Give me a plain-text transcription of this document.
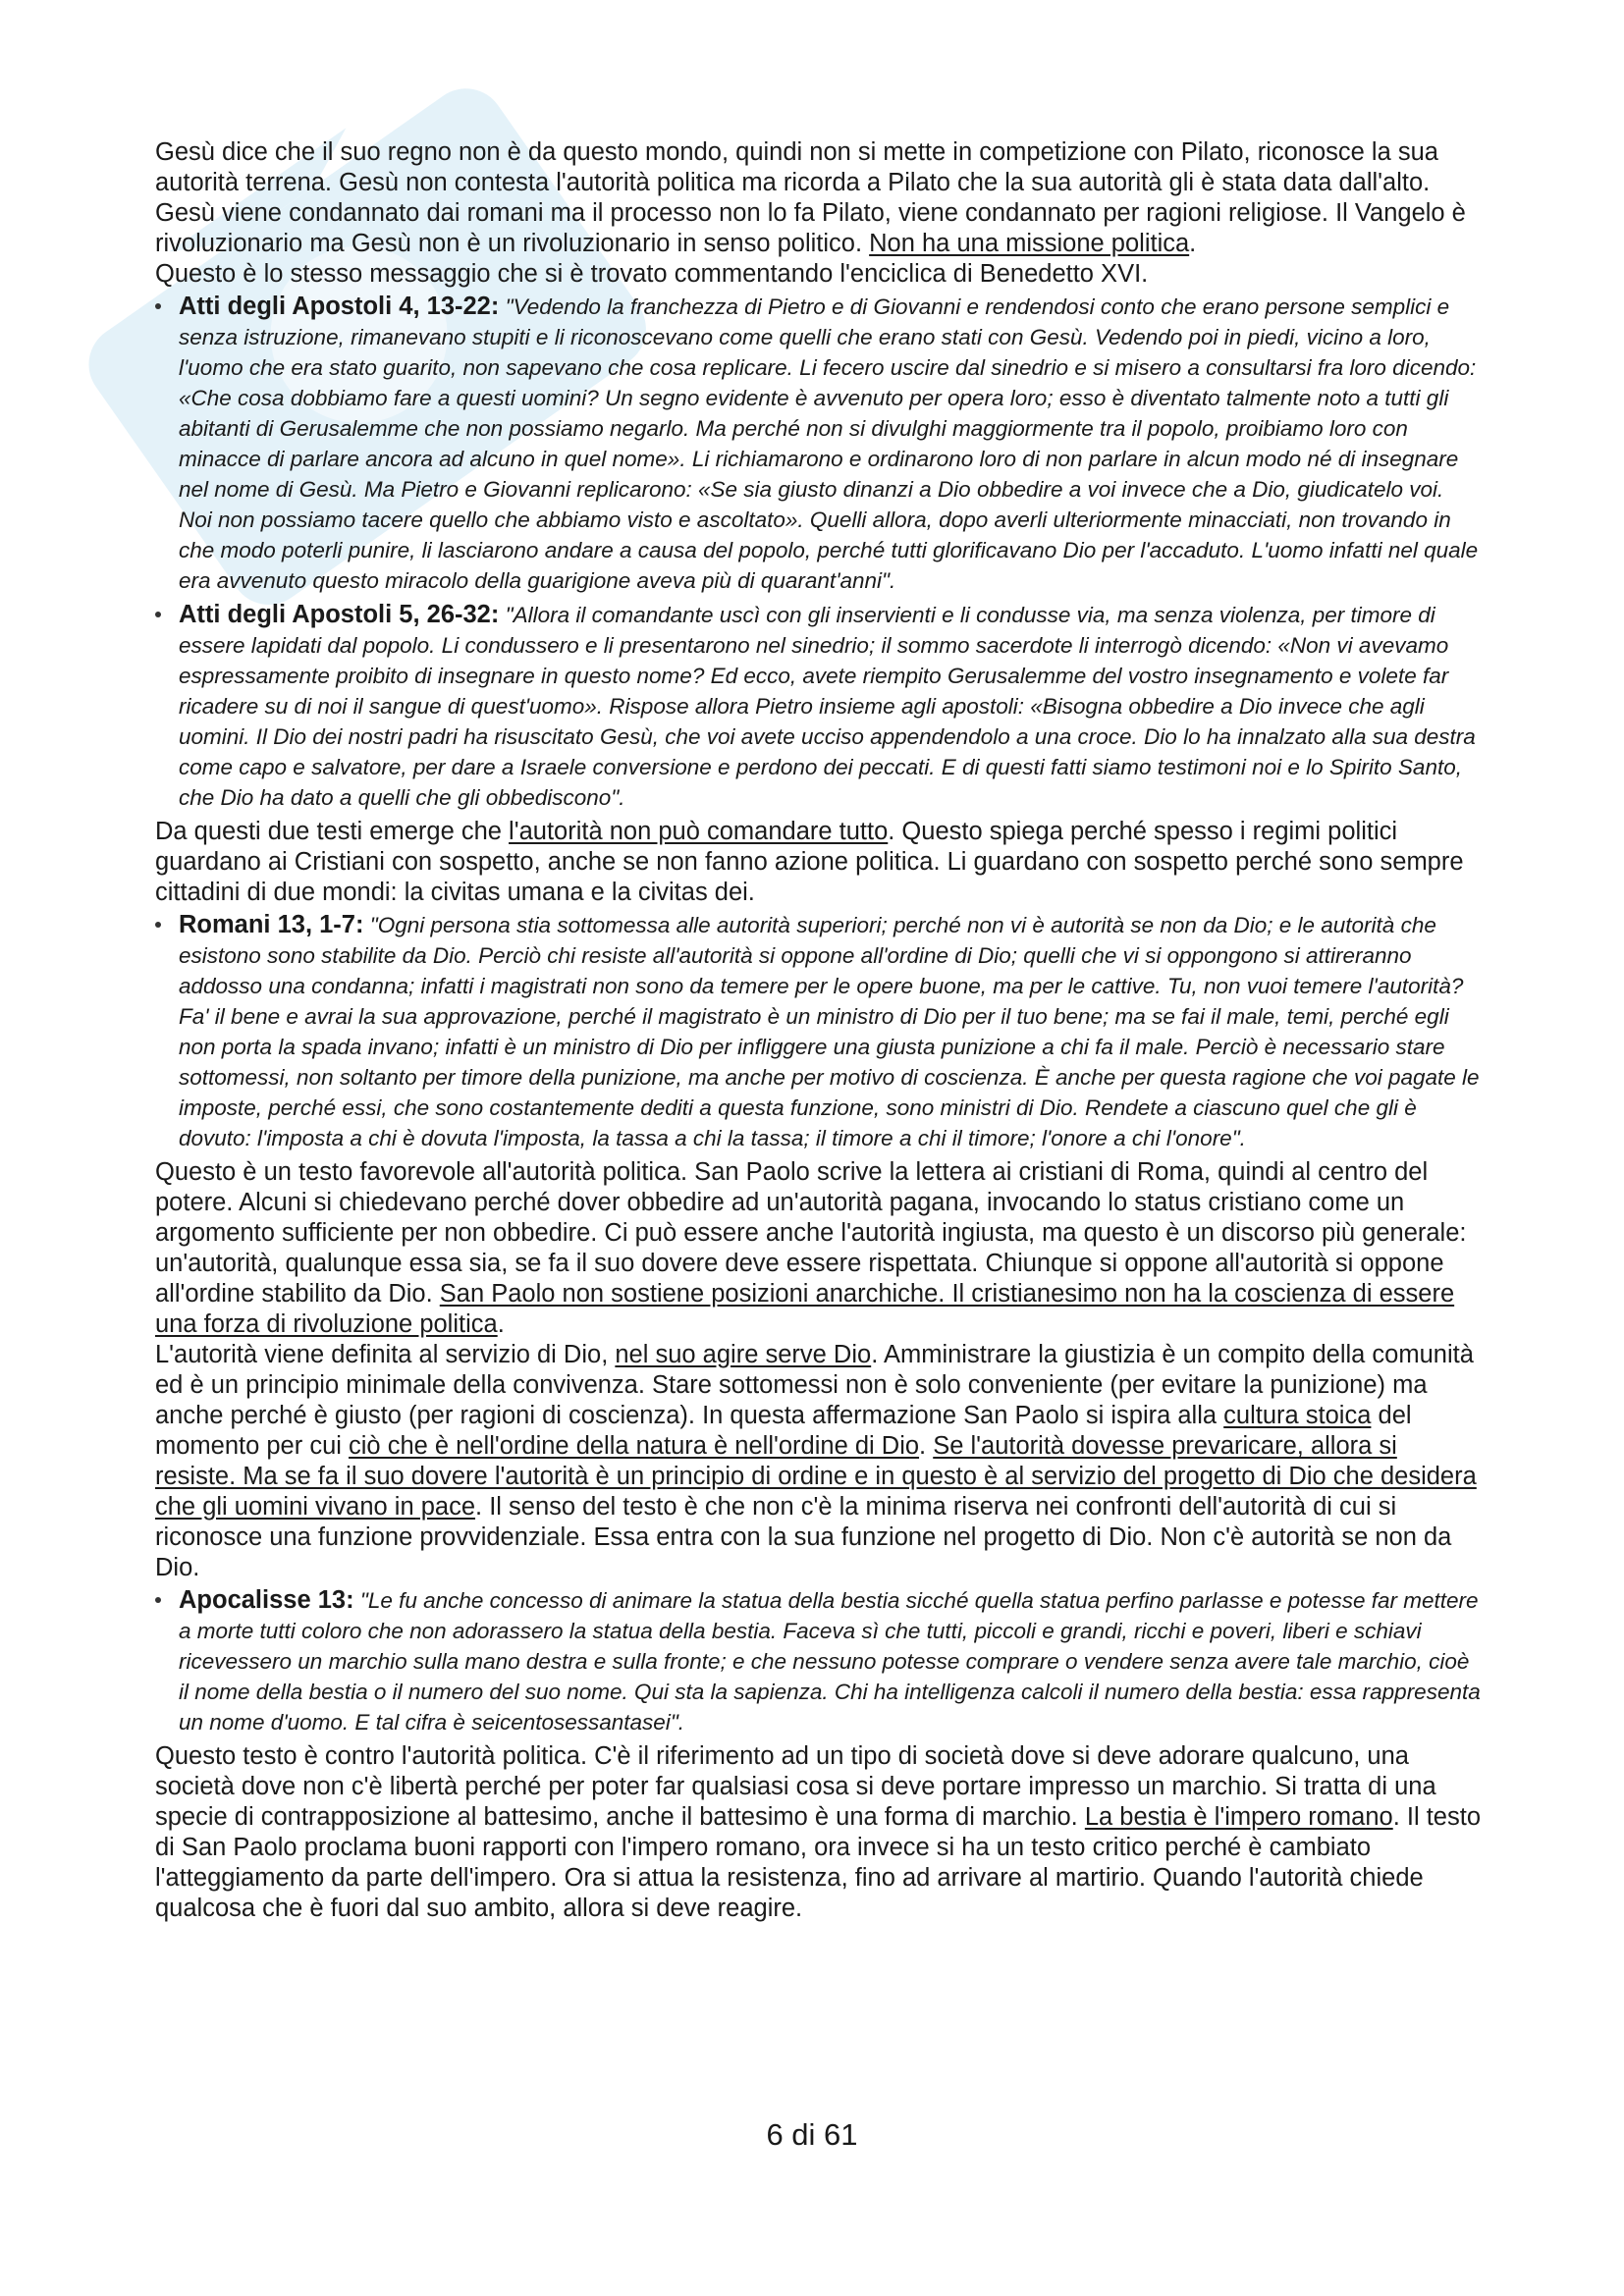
Gesù dice che il suo regno non è da questo mondo, quindi non si mette in competizione con Pilato, riconosce la sua autorità terrena. Gesù non contesta l'autorità politica ma ricorda a Pilato che la sua autorità gli è stata data dall'alto.
Gesù viene condannato dai romani ma il processo non lo fa Pilato, viene condannato per ragioni religiose. Il Vangelo è rivoluzionario ma Gesù non è un rivoluzionario in senso politico. Non ha una missione politica.
Questo è lo stesso messaggio che si è trovato commentando l'enciclica di Benedetto XVI.

Atti degli Apostoli 4, 13-22: "Vedendo la franchezza di Pietro e di Giovanni e rendendosi conto che erano persone semplici e senza istruzione, rimanevano stupiti e li riconoscevano come quelli che erano stati con Gesù. Vedendo poi in piedi, vicino a loro, l'uomo che era stato guarito, non sapevano che cosa replicare. Li fecero uscire dal sinedrio e si misero a consultarsi fra loro dicendo: «Che cosa dobbiamo fare a questi uomini? Un segno evidente è avvenuto per opera loro; esso è diventato talmente noto a tutti gli abitanti di Gerusalemme che non possiamo negarlo. Ma perché non si divulghi maggiormente tra il popolo, proibiamo loro con minacce di parlare ancora ad alcuno in quel nome». Li richiamarono e ordinarono loro di non parlare in alcun modo né di insegnare nel nome di Gesù. Ma Pietro e Giovanni replicarono: «Se sia giusto dinanzi a Dio obbedire a voi invece che a Dio, giudicatelo voi. Noi non possiamo tacere quello che abbiamo visto e ascoltato». Quelli allora, dopo averli ulteriormente minacciati, non trovando in che modo poterli punire, li lasciarono andare a causa del popolo, perché tutti glorificavano Dio per l'accaduto. L'uomo infatti nel quale era avvenuto questo miracolo della guarigione aveva più di quarant'anni".
Atti degli Apostoli 5, 26-32: "Allora il comandante uscì con gli inservienti e li condusse via, ma senza violenza, per timore di essere lapidati dal popolo. Li condussero e li presentarono nel sinedrio; il sommo sacerdote li interrogò dicendo: «Non vi avevamo espressamente proibito di insegnare in questo nome? Ed ecco, avete riempito Gerusalemme del vostro insegnamento e volete far ricadere su di noi il sangue di quest'uomo». Rispose allora Pietro insieme agli apostoli: «Bisogna obbedire a Dio invece che agli uomini. Il Dio dei nostri padri ha risuscitato Gesù, che voi avete ucciso appendendolo a una croce. Dio lo ha innalzato alla sua destra come capo e salvatore, per dare a Israele conversione e perdono dei peccati. E di questi fatti siamo testimoni noi e lo Spirito Santo, che Dio ha dato a quelli che gli obbediscono".

Da questi due testi emerge che l'autorità non può comandare tutto. Questo spiega perché spesso i regimi politici guardano ai Cristiani con sospetto, anche se non fanno azione politica. Li guardano con sospetto perché sono sempre cittadini di due mondi: la civitas umana e la civitas dei.

Romani 13, 1-7: "Ogni persona stia sottomessa alle autorità superiori; perché non vi è autorità se non da Dio; e le autorità che esistono sono stabilite da Dio. Perciò chi resiste all'autorità si oppone all'ordine di Dio; quelli che vi si oppongono si attireranno addosso una condanna; infatti i magistrati non sono da temere per le opere buone, ma per le cattive. Tu, non vuoi temere l'autorità? Fa' il bene e avrai la sua approvazione, perché il magistrato è un ministro di Dio per il tuo bene; ma se fai il male, temi, perché egli non porta la spada invano; infatti è un ministro di Dio per infliggere una giusta punizione a chi fa il male. Perciò è necessario stare sottomessi, non soltanto per timore della punizione, ma anche per motivo di coscienza. È anche per questa ragione che voi pagate le imposte, perché essi, che sono costantemente dediti a questa funzione, sono ministri di Dio. Rendete a ciascuno quel che gli è dovuto: l'imposta a chi è dovuta l'imposta, la tassa a chi la tassa; il timore a chi il timore; l'onore a chi l'onore".

Questo è un testo favorevole all'autorità politica. San Paolo scrive la lettera ai cristiani di Roma, quindi al centro del potere. Alcuni si chiedevano perché dover obbedire ad un'autorità pagana, invocando lo status cristiano come un argomento sufficiente per non obbedire. Ci può essere anche l'autorità ingiusta, ma questo è un discorso più generale: un'autorità, qualunque essa sia, se fa il suo dovere deve essere rispettata. Chiunque si oppone all'autorità si oppone all'ordine stabilito da Dio. San Paolo non sostiene posizioni anarchiche. Il cristianesimo non ha la coscienza di essere una forza di rivoluzione politica.

L'autorità viene definita al servizio di Dio, nel suo agire serve Dio. Amministrare la giustizia è un compito della comunità ed è un principio minimale della convivenza. Stare sottomessi non è solo conveniente (per evitare la punizione) ma anche perché è giusto (per ragioni di coscienza). In questa affermazione San Paolo si ispira alla cultura stoica del momento per cui ciò che è nell'ordine della natura è nell'ordine di Dio. Se l'autorità dovesse prevaricare, allora si resiste. Ma se fa il suo dovere l'autorità è un principio di ordine e in questo è al servizio del progetto di Dio che desidera che gli uomini vivano in pace. Il senso del testo è che non c'è la minima riserva nei confronti dell'autorità di cui si riconosce una funzione provvidenziale. Essa entra con la sua funzione nel progetto di Dio. Non c'è autorità se non da Dio.

Apocalisse 13: "Le fu anche concesso di animare la statua della bestia sicché quella statua perfino parlasse e potesse far mettere a morte tutti coloro che non adorassero la statua della bestia. Faceva sì che tutti, piccoli e grandi, ricchi e poveri, liberi e schiavi ricevessero un marchio sulla mano destra e sulla fronte; e che nessuno potesse comprare o vendere senza avere tale marchio, cioè il nome della bestia o il numero del suo nome. Qui sta la sapienza. Chi ha intelligenza calcoli il numero della bestia: essa rappresenta un nome d'uomo. E tal cifra è seicentosessantasei".

Questo testo è contro l'autorità politica. C'è il riferimento ad un tipo di società dove si deve adorare qualcuno, una società dove non c'è libertà perché per poter far qualsiasi cosa si deve portare impresso un marchio. Si tratta di una specie di contrapposizione al battesimo, anche il battesimo è una forma di marchio. La bestia è l'impero romano. Il testo di San Paolo proclama buoni rapporti con l'impero romano, ora invece si ha un testo critico perché è cambiato l'atteggiamento da parte dell'impero. Ora si attua la resistenza, fino ad arrivare al martirio. Quando l'autorità chiede qualcosa che è fuori dal suo ambito, allora si deve reagire.

6 di 61
